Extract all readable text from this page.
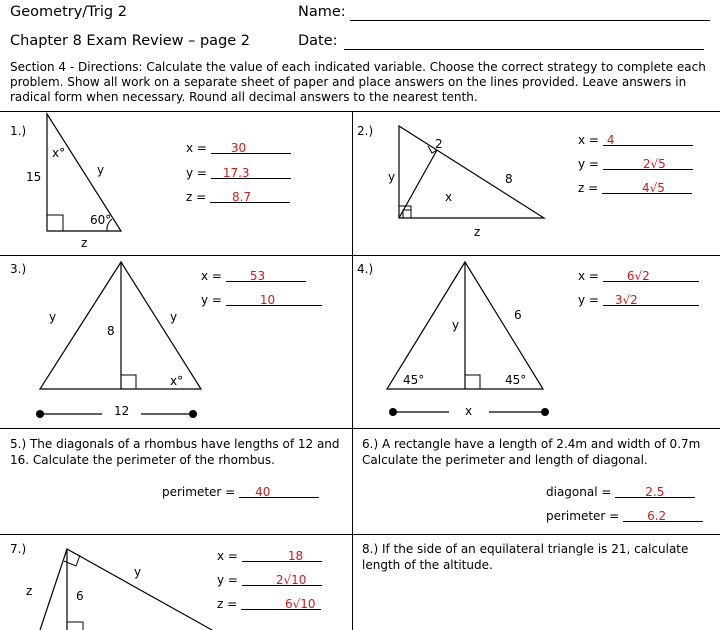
Geometry/Trig 2	Name:
Chapter 8 Exam Review – page 2	Date:
Section 4 - Directions: Calculate the value of each indicated variable. Choose the correct strategy to complete each problem. Show all work on a separate sheet of paper and place answers on the lines provided. Leave answers in radical form when necessary. Round all decimal answers to the nearest tenth.
1.)
x°
15	y
60°
z
x = 30
y = 17.3
z = 8.7
2.)
2
y	8
x
z
x = 4
y =	2√5
z =	4√5
3.)
y	y
8
x°
12
x = 53
y =	10
4.)
y
6
45°	45°
x
x = 6√2
y = 3√2
5.) The diagonals of a rhombus have lengths of 12 and 16. Calculate the perimeter of the rhombus.
perimeter = 40
6.) A rectangle have a length of 2.4m and width of 0.7m Calculate the perimeter and length of diagonal.
diagonal =	2.5
perimeter = 6.2
7.)
z	6
y
x =	18
y =	2√10
z =	6√10
8.) If the side of an equilateral triangle is 21, calculate length of the altitude.
